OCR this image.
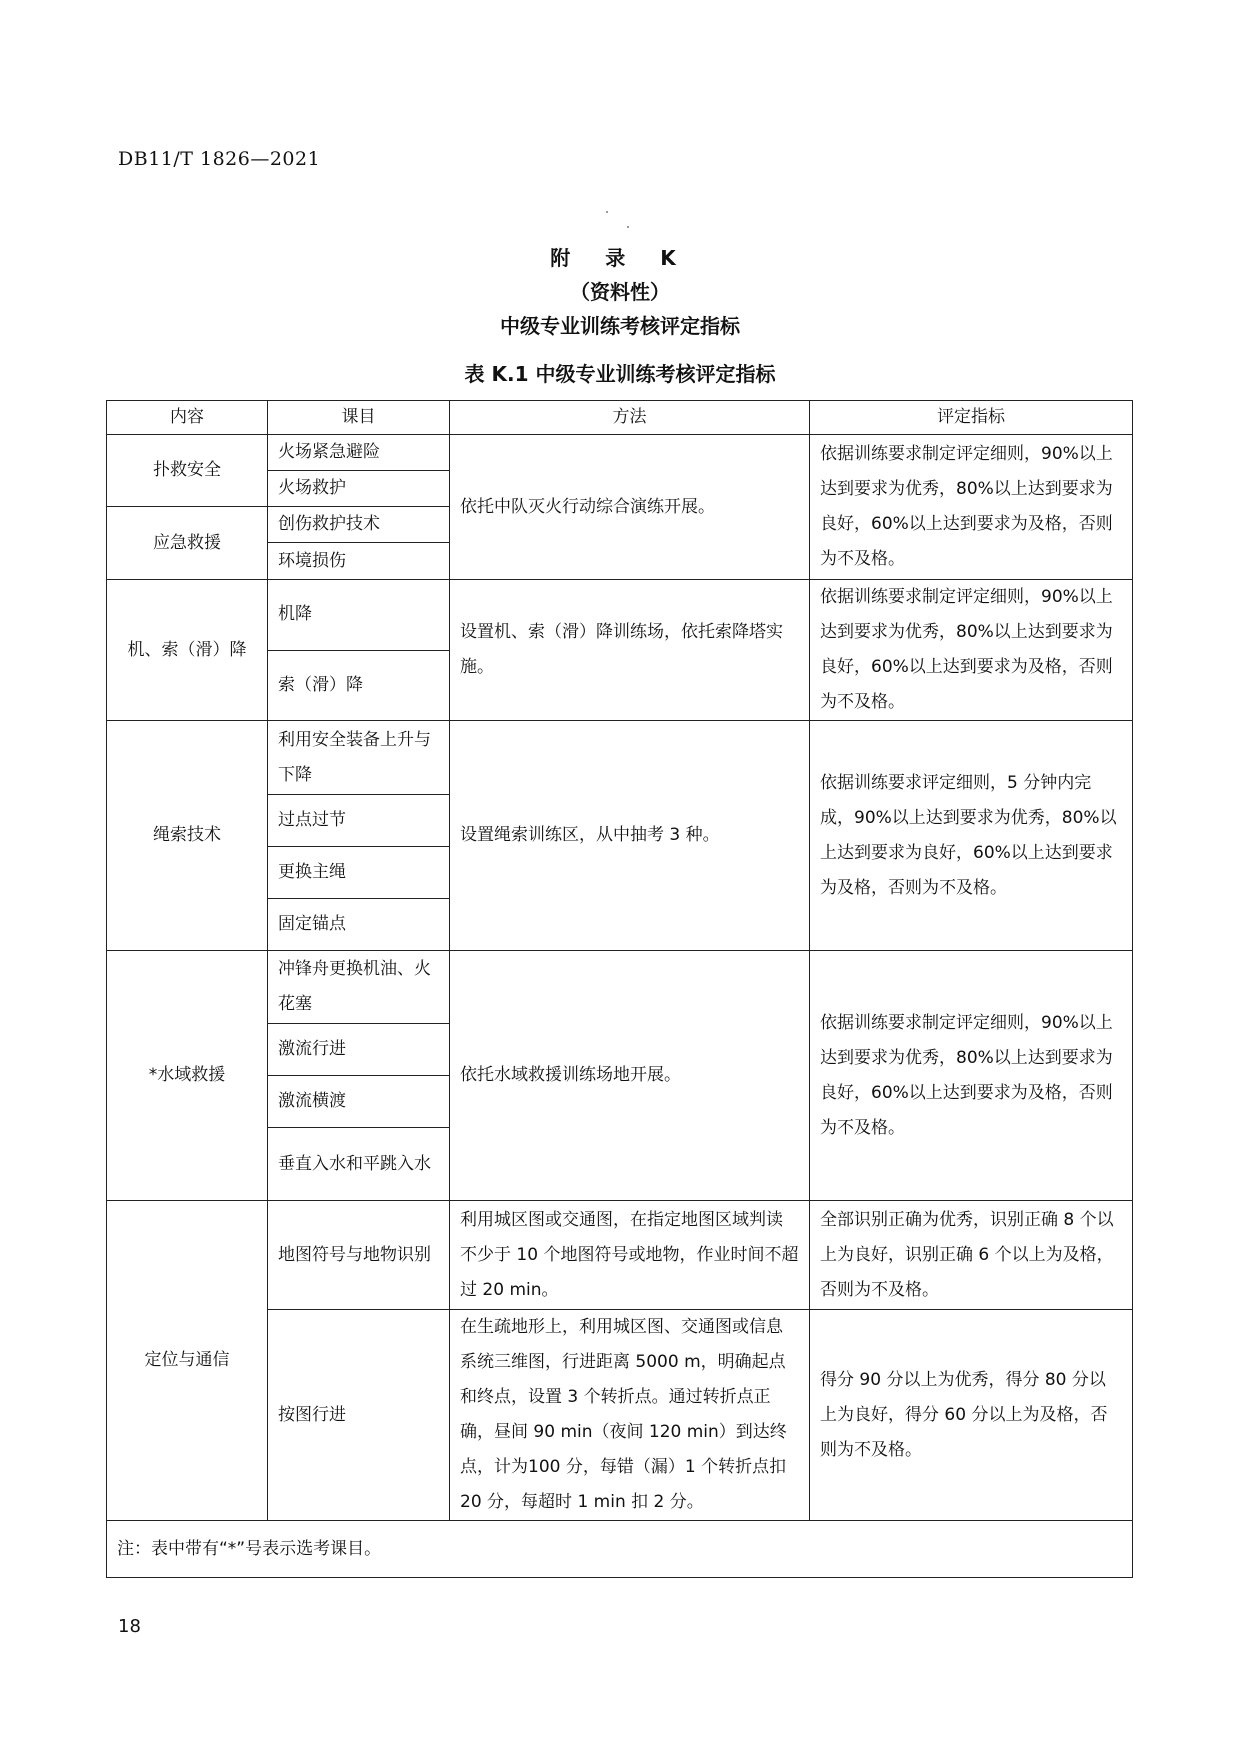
DB11/T 1826—2021
附 录 K
（资料性）
中级专业训练考核评定指标
表 K.1 中级专业训练考核评定指标
内容	课目	方法	评定指标
扑救安全	火场紧急避险	依托中队灭火行动综合演练开展。	依据训练要求制定评定细则，90%以上达到要求为优秀，80%以上达到要求为良好，60%以上达到要求为及格，否则为不及格。
	火场救护		
应急救援	创伤救护技术		
	环境损伤		
机、索（滑）降	机降	设置机、索（滑）降训练场，依托索降塔实施。	依据训练要求制定评定细则，90%以上达到要求为优秀，80%以上达到要求为良好，60%以上达到要求为及格，否则为不及格。
	索（滑）降		
绳索技术	利用安全装备上升与下降	设置绳索训练区，从中抽考 3 种。	依据训练要求评定细则，5 分钟内完成，90%以上达到要求为优秀，80%以上达到要求为良好，60%以上达到要求为及格，否则为不及格。
	过点过节		
	更换主绳		
	固定锚点		
*水域救援	冲锋舟更换机油、火花塞	依托水域救援训练场地开展。	依据训练要求制定评定细则，90%以上达到要求为优秀，80%以上达到要求为良好，60%以上达到要求为及格，否则为不及格。
	激流行进		
	激流横渡		
	垂直入水和平跳入水		
定位与通信	地图符号与地物识别	利用城区图或交通图，在指定地图区域判读不少于 10 个地图符号或地物，作业时间不超过 20 min。	全部识别正确为优秀，识别正确 8 个以上为良好，识别正确 6 个以上为及格，否则为不及格。
	按图行进	在生疏地形上，利用城区图、交通图或信息系统三维图，行进距离 5000 m，明确起点和终点，设置 3 个转折点。通过转折点正确，昼间 90 min（夜间 120 min）到达终点，计为100 分，每错（漏）1 个转折点扣 20 分，每超时 1 min 扣 2 分。	得分 90 分以上为优秀，得分 80 分以上为良好，得分 60 分以上为及格，否则为不及格。
注：表中带有“*”号表示选考课目。			
18
